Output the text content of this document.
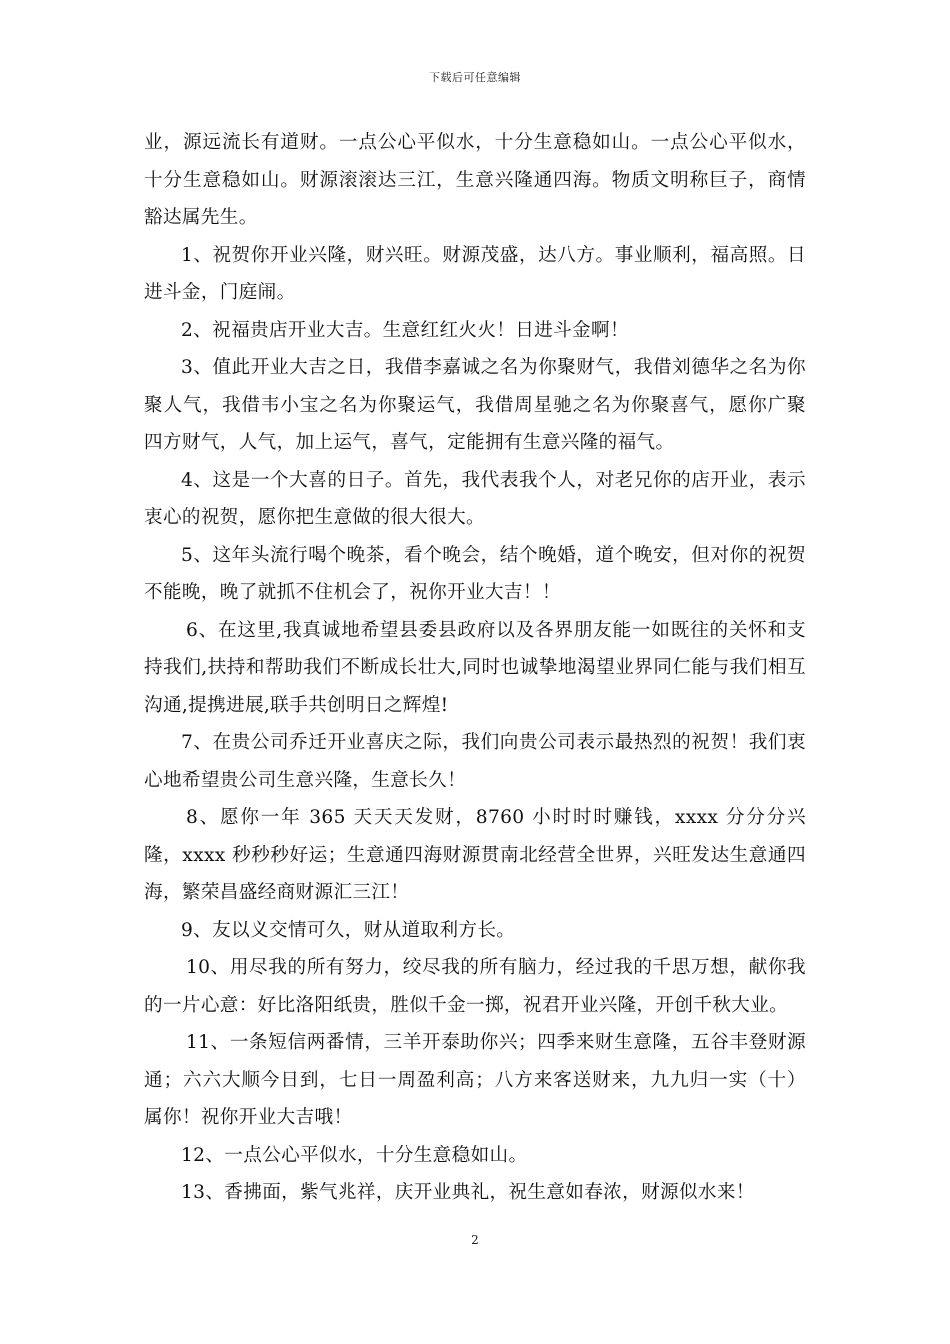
下载后可任意编辑

业，源远流长有道财。一点公心平似水，十分生意稳如山。一点公心平似水，十分生意稳如山。财源滚滚达三江，生意兴隆通四海。物质文明称巨子，商情豁达属先生。

1、祝贺你开业兴隆，财兴旺。财源茂盛，达八方。事业顺利，福高照。日进斗金，门庭闹。

2、祝福贵店开业大吉。生意红红火火！日进斗金啊！

3、值此开业大吉之日，我借李嘉诚之名为你聚财气，我借刘德华之名为你聚人气，我借韦小宝之名为你聚运气，我借周星驰之名为你聚喜气，愿你广聚四方财气，人气，加上运气，喜气，定能拥有生意兴隆的福气。

4、这是一个大喜的日子。首先，我代表我个人，对老兄你的店开业，表示衷心的祝贺，愿你把生意做的很大很大。

5、这年头流行喝个晚茶，看个晚会，结个晚婚，道个晚安，但对你的祝贺不能晚，晚了就抓不住机会了，祝你开业大吉！！

6、在这里,我真诚地希望县委县政府以及各界朋友能一如既往的关怀和支持我们,扶持和帮助我们不断成长壮大,同时也诚挚地渴望业界同仁能与我们相互沟通,提携进展,联手共创明日之辉煌!

7、在贵公司乔迁开业喜庆之际，我们向贵公司表示最热烈的祝贺！我们衷心地希望贵公司生意兴隆，生意长久！

8、愿你一年 365 天天天发财，8760 小时时时赚钱，xxxx 分分分兴隆，xxxx 秒秒秒好运；生意通四海财源贯南北经营全世界，兴旺发达生意通四海，繁荣昌盛经商财源汇三江！

9、友以义交情可久，财从道取利方长。

10、用尽我的所有努力，绞尽我的所有脑力，经过我的千思万想，献你我的一片心意：好比洛阳纸贵，胜似千金一掷，祝君开业兴隆，开创千秋大业。

11、一条短信两番情，三羊开泰助你兴；四季来财生意隆，五谷丰登财源通；六六大顺今日到，七日一周盈利高；八方来客送财来，九九归一实（十）属你！祝你开业大吉哦！

12、一点公心平似水，十分生意稳如山。

13、香拂面，紫气兆祥，庆开业典礼，祝生意如春浓，财源似水来！

2
